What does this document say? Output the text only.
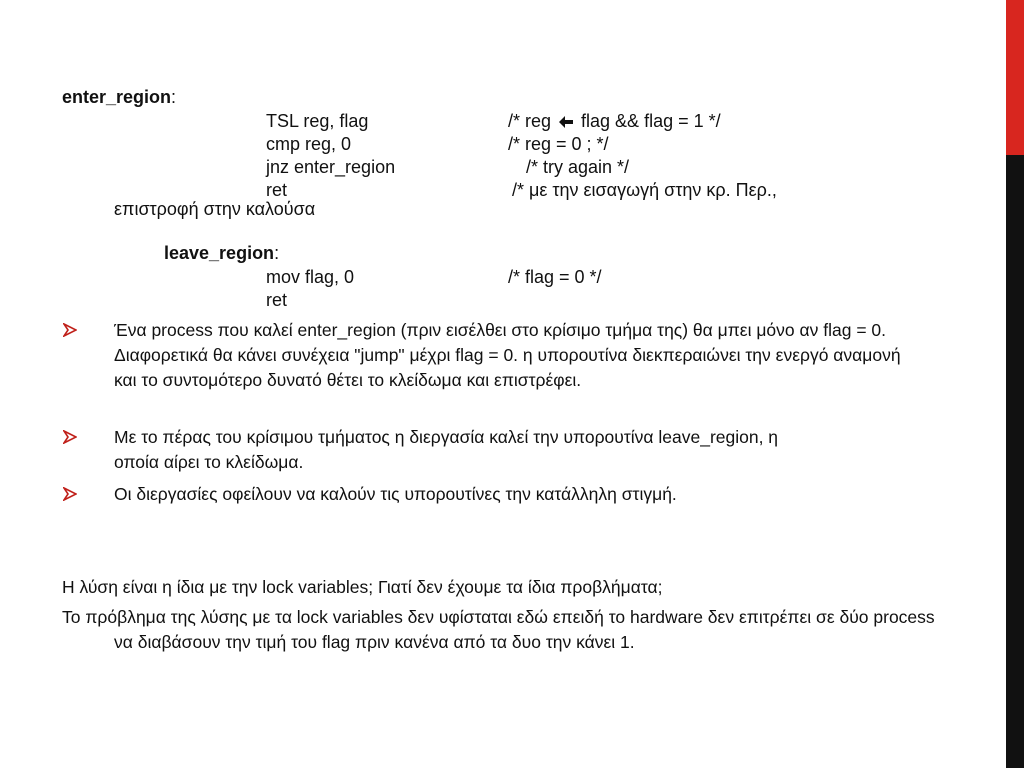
enter_region:
TSL reg, flag	/* reg  flag && flag = 1 */
cmp reg, 0	/* reg = 0 ; */
jnz enter_region	/* try again */
ret	/* με την εισαγωγή στην κρ. Περ.,
επιστροφή στην καλούσα
leave_region:
mov flag, 0	/* flag = 0 */
ret
Ένα process που καλεί enter_region (πριν εισέλθει στο κρίσιμο τμήμα της) θα μπει μόνο αν flag = 0. Διαφορετικά θα κάνει συνέχεια "jump" μέχρι flag = 0. η υπορουτίνα διεκπεραιώνει την ενεργό αναμονή και το συντομότερο δυνατό θέτει το κλείδωμα και επιστρέφει.
Με το πέρας του κρίσιμου τμήματος η διεργασία καλεί την υπορουτίνα leave_region, η οποία αίρει το κλείδωμα.
Οι διεργασίες οφείλουν να καλούν τις υπορουτίνες την κατάλληλη στιγμή.
Η λύση είναι η ίδια με την lock variables; Γιατί δεν έχουμε τα ίδια προβλήματα;
Το πρόβλημα της λύσης με τα lock variables δεν υφίσταται εδώ επειδή το hardware δεν επιτρέπει σε δύο process να διαβάσουν την τιμή του flag πριν κανένα από τα δυο την κάνει 1.
